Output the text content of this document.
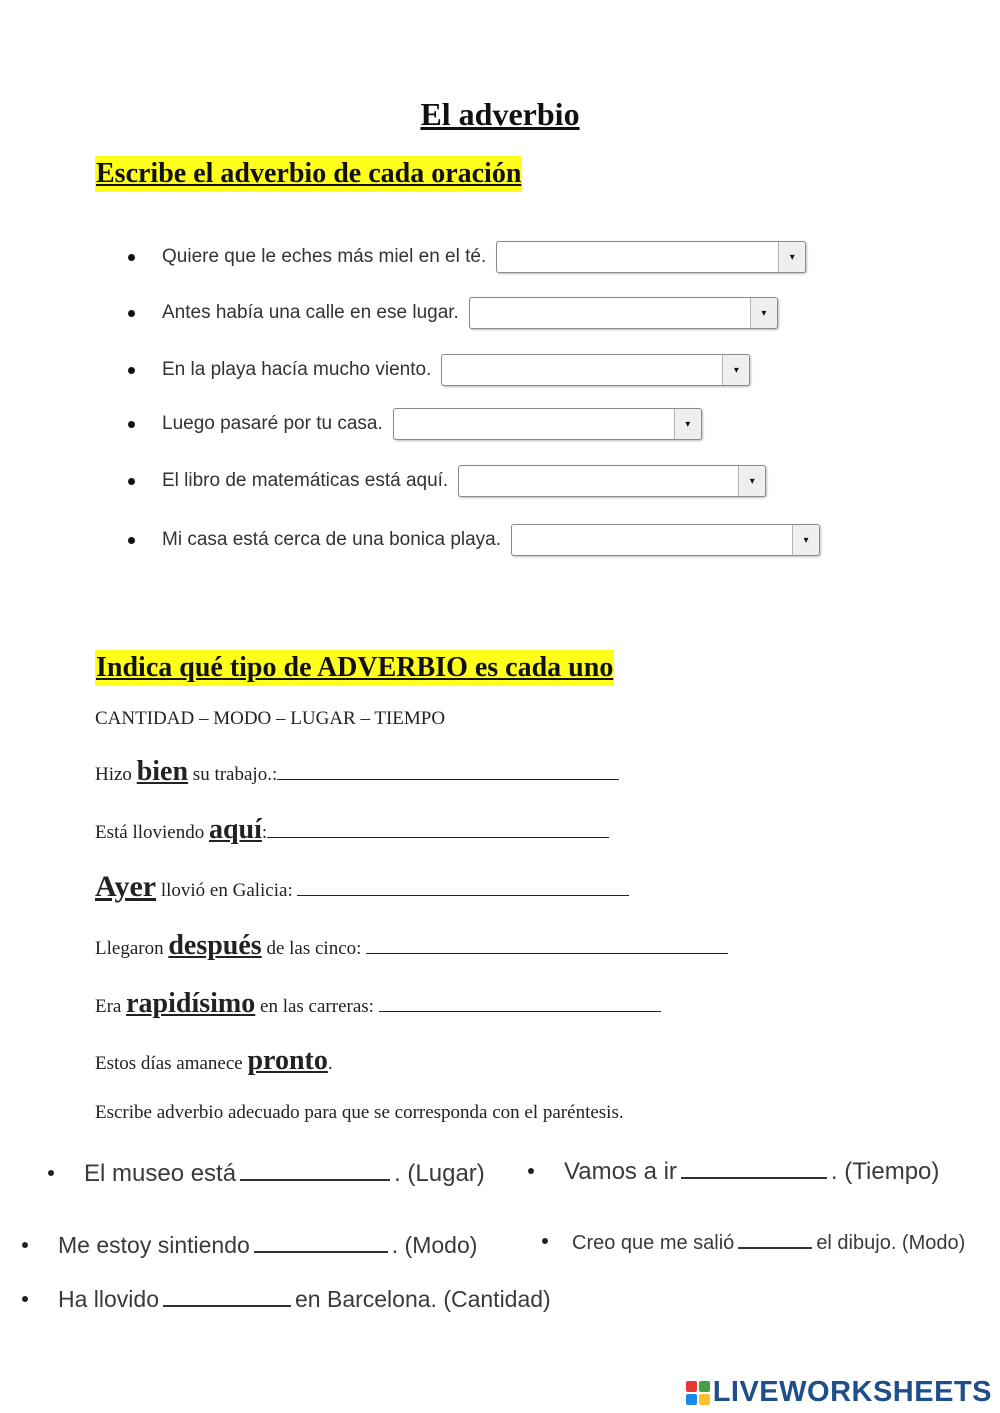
El adverbio
Escribe el adverbio de cada oración
Quiere que le eches más miel en el té.	▾
Antes había una calle en ese lugar.	▾
En la playa hacía mucho viento.	▾
Luego pasaré por tu casa.	▾
El libro de matemáticas está aquí.	▾
Mi casa está cerca de una bonica playa.	▾
Indica qué tipo de ADVERBIO es cada uno
CANTIDAD – MODO – LUGAR – TIEMPO
Hizo bien su trabajo.:
Está lloviendo aquí:
Ayer llovió en Galicia:
Llegaron después de las cinco:
Era rapidísimo en las carreras:
Estos días amanece pronto.
Escribe adverbio adecuado para que se corresponda con el paréntesis.
El museo está	. (Lugar)	Vamos a ir	. (Tiempo)
Me estoy sintiendo	. (Modo)	Creo que me salió	el dibujo. (Modo)
Ha llovido	en Barcelona. (Cantidad)
LIVEWORKSHEETS
